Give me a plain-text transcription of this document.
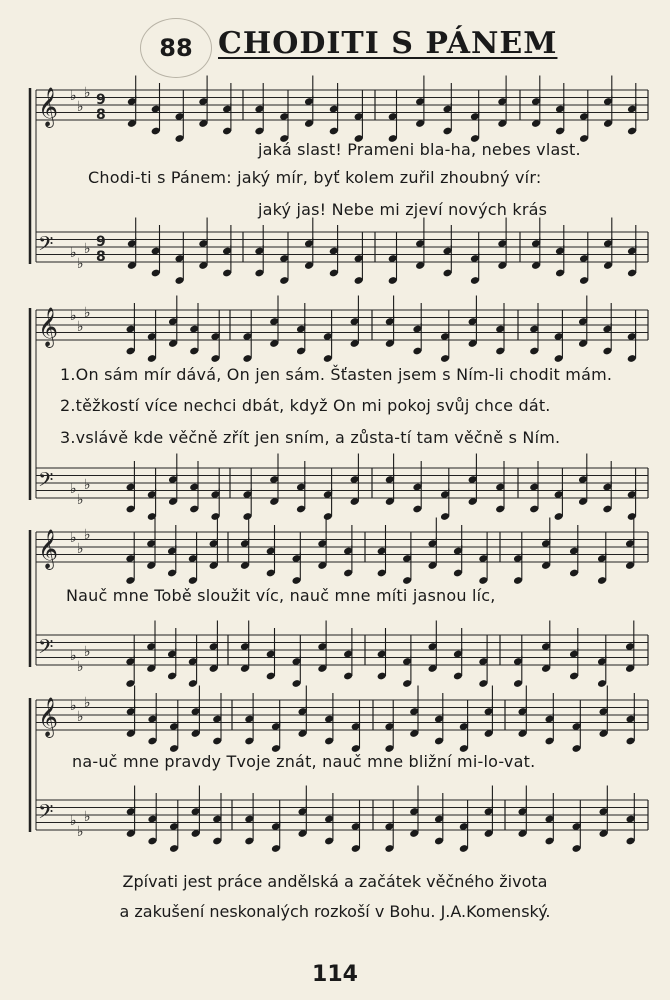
88 CHODITI S PÁNEM
𝄞 ♭
♭
♭ 9
8
𝄢 ♭
♭
♭ 9
8
𝄞 ♭
♭
♭
𝄢 ♭
♭
♭
𝄞 ♭
♭
♭
𝄢 ♭
♭
♭
𝄞 ♭
♭
♭
𝄢 ♭
♭
♭
jaká slast! Prameni bla-ha, nebes vlast.
Chodi-ti s Pánem: jaký mír, byť kolem zuřil zhoubný vír:
jaký jas! Nebe mi zjeví nových krás
1.On sám mír dává, On jen sám. Šťasten jsem s Ním-li chodit mám.
2.těžkostí více nechci dbát, když On mi pokoj svůj chce dát.
3.vslávě kde věčně zřít jen sním, a zůsta-tí tam věčně s Ním.
Nauč mne Tobě sloužit víc, nauč mne míti jasnou líc,
na-uč mne pravdy Tvoje znát, nauč mne bližní mi-lo-vat.
Zpívati jest práce andělská a začátek věčného života
a zakušení neskonalých rozkoší v Bohu. J.A.Komenský.
114
